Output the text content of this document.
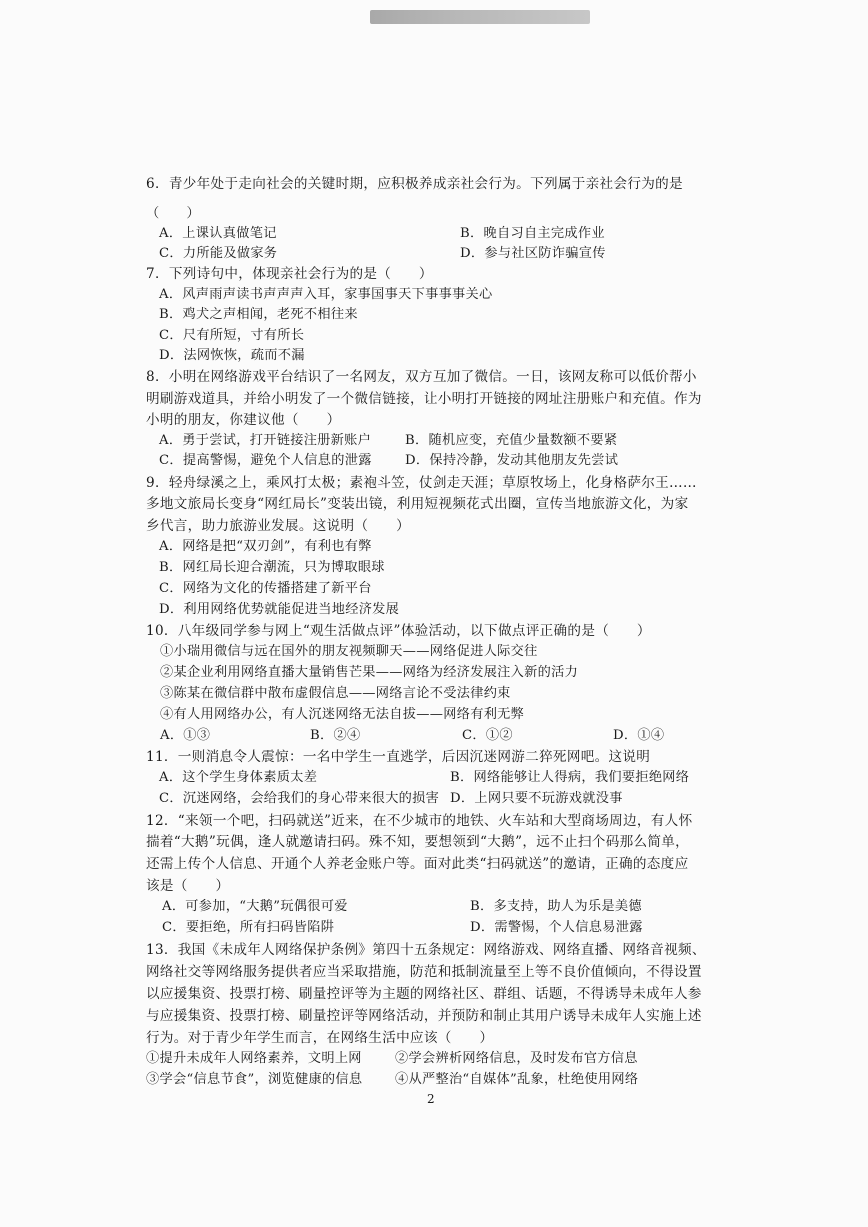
6．青少年处于走向社会的关键时期，应积极养成亲社会行为。下列属于亲社会行为的是
（　　）
A．上课认真做笔记	B．晚自习自主完成作业
C．力所能及做家务	D．参与社区防诈骗宣传
7．下列诗句中，体现亲社会行为的是（　　）
A．风声雨声读书声声声入耳，家事国事天下事事事关心
B．鸡犬之声相闻，老死不相往来
C．尺有所短，寸有所长
D．法网恢恢，疏而不漏
8．小明在网络游戏平台结识了一名网友，双方互加了微信。一日，该网友称可以低价帮小
明刷游戏道具，并给小明发了一个微信链接，让小明打开链接的网址注册账户和充值。作为
小明的朋友，你建议他（　　）
A．勇于尝试，打开链接注册新账户	B．随机应变，充值少量数额不要紧
C．提高警惕，避免个人信息的泄露	D．保持冷静，发动其他朋友先尝试
9．轻舟绿溪之上，乘风打太极；素袍斗笠，仗剑走天涯；草原牧场上，化身格萨尔王……
多地文旅局长变身“网红局长”变装出镜，利用短视频花式出圈，宣传当地旅游文化，为家
乡代言，助力旅游业发展。这说明（　　）
A．网络是把“双刃剑”，有利也有弊
B．网红局长迎合潮流，只为博取眼球
C．网络为文化的传播搭建了新平台
D．利用网络优势就能促进当地经济发展
10．八年级同学参与网上“观生活做点评”体验活动，以下做点评正确的是（　　）
①小瑞用微信与远在国外的朋友视频聊天——网络促进人际交往
②某企业利用网络直播大量销售芒果——网络为经济发展注入新的活力
③陈某在微信群中散布虚假信息——网络言论不受法律约束
④有人用网络办公，有人沉迷网络无法自拔——网络有利无弊
A．①③	B．②④	C．①②	D．①④
11．一则消息令人震惊：一名中学生一直逃学，后因沉迷网游二猝死网吧。这说明
A．这个学生身体素质太差	B．网络能够让人得病，我们要拒绝网络
C．沉迷网络，会给我们的身心带来很大的损害 D．上网只要不玩游戏就没事
12．“来领一个吧，扫码就送”近来，在不少城市的地铁、火车站和大型商场周边，有人怀
揣着“大鹅”玩偶，逢人就邀请扫码。殊不知，要想领到“大鹅”，远不止扫个码那么简单，
还需上传个人信息、开通个人养老金账户等。面对此类“扫码就送”的邀请，正确的态度应
该是（　　）
A．可参加，“大鹅”玩偶很可爱	B．多支持，助人为乐是美德
C．要拒绝，所有扫码皆陷阱	D．需警惕，个人信息易泄露
13．我国《未成年人网络保护条例》第四十五条规定：网络游戏、网络直播、网络音视频、
网络社交等网络服务提供者应当采取措施，防范和抵制流量至上等不良价值倾向，不得设置
以应援集资、投票打榜、刷量控评等为主题的网络社区、群组、话题，不得诱导未成年人参
与应援集资、投票打榜、刷量控评等网络活动，并预防和制止其用户诱导未成年人实施上述
行为。对于青少年学生而言，在网络生活中应该（　　）
①提升未成年人网络素养，文明上网	②学会辨析网络信息，及时发布官方信息
③学会“信息节食”，浏览健康的信息 ④从严整治“自媒体”乱象，杜绝使用网络
2
